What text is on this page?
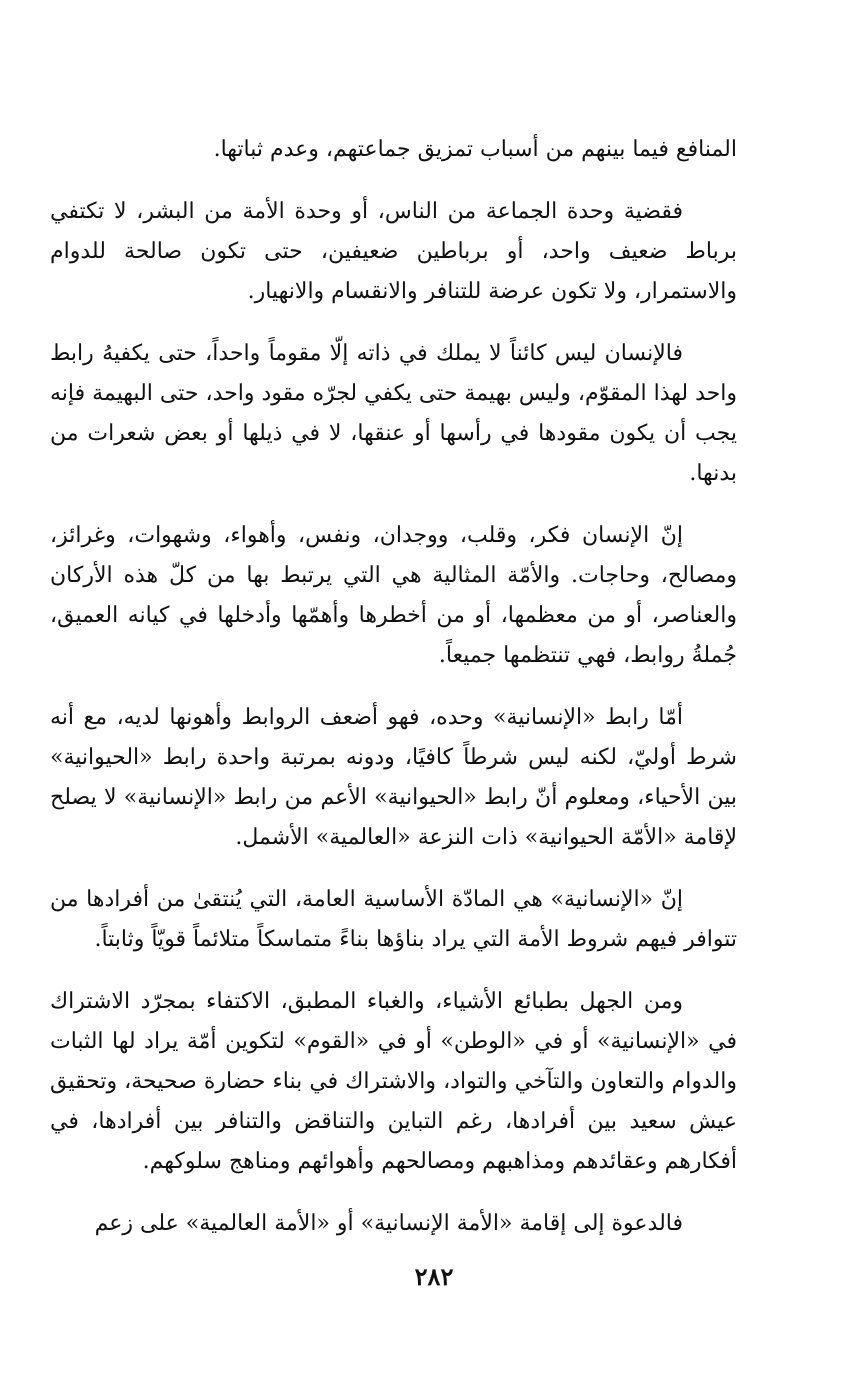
المنافع فيما بينهم من أسباب تمزيق جماعتهم، وعدم ثباتها.

فقضية وحدة الجماعة من الناس، أو وحدة الأمة من البشر، لا تكتفي برباط ضعيف واحد، أو برباطين ضعيفين، حتى تكون صالحة للدوام والاستمرار، ولا تكون عرضة للتنافر والانقسام والانهيار.

فالإنسان ليس كائناً لا يملك في ذاته إلّا مقوماً واحداً، حتى يكفيهُ رابط واحد لهذا المقوّم، وليس بهيمة حتى يكفي لجرّه مقود واحد، حتى البهيمة فإنه يجب أن يكون مقودها في رأسها أو عنقها، لا في ذيلها أو بعض شعرات من بدنها.

إنّ الإنسان فكر، وقلب، ووجدان، ونفس، وأهواء، وشهوات، وغرائز، ومصالح، وحاجات. والأمّة المثالية هي التي يرتبط بها من كلّ هذه الأركان والعناصر، أو من معظمها، أو من أخطرها وأهمّها وأدخلها في كيانه العميق، جُملةُ روابط، فهي تنتظمها جميعاً.

أمّا رابط «الإنسانية» وحده، فهو أضعف الروابط وأهونها لديه، مع أنه شرط أوليّ، لكنه ليس شرطاً كافيًا، ودونه بمرتبة واحدة رابط «الحيوانية» بين الأحياء، ومعلوم أنّ رابط «الحيوانية» الأعم من رابط «الإنسانية» لا يصلح لإقامة «الأمّة الحيوانية» ذات النزعة «العالمية» الأشمل.

إنّ «الإنسانية» هي المادّة الأساسية العامة، التي يُنتقىٰ من أفرادها من تتوافر فيهم شروط الأمة التي يراد بناؤها بناءً متماسكاً متلائماً قويّاً وثابتاً.

ومن الجهل بطبائع الأشياء، والغباء المطبق، الاكتفاء بمجرّد الاشتراك في «الإنسانية» أو في «الوطن» أو في «القوم» لتكوين أمّة يراد لها الثبات والدوام والتعاون والتآخي والتواد، والاشتراك في بناء حضارة صحيحة، وتحقيق عيش سعيد بين أفرادها، رغم التباين والتناقض والتنافر بين أفرادها، في أفكارهم وعقائدهم ومذاهبهم ومصالحهم وأهوائهم ومناهج سلوكهم.

فالدعوة إلى إقامة «الأمة الإنسانية» أو «الأمة العالمية» على زعم

٢٨٢
